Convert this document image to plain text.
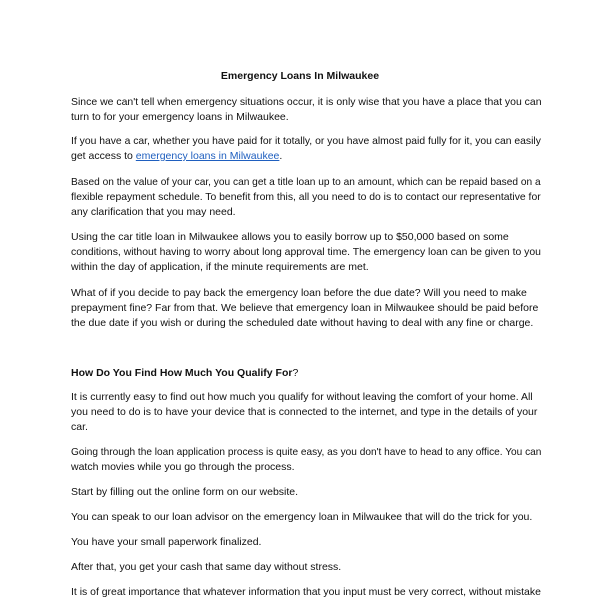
Emergency Loans In Milwaukee
Since we can't tell when emergency situations occur, it is only wise that you have a place that you can
turn to for your emergency loans in Milwaukee.
If you have a car, whether you have paid for it totally, or you have almost paid fully for it, you can easily
get access to emergency loans in Milwaukee.
Based on the value of your car, you can get a title loan up to an amount, which can be repaid based on a
flexible repayment schedule. To benefit from this, all you need to do is to contact our representative for
any clarification that you may need.
Using the car title loan in Milwaukee allows you to easily borrow up to $50,000 based on some
conditions, without having to worry about long approval time. The emergency loan can be given to you
within the day of application, if the minute requirements are met.
What of if you decide to pay back the emergency loan before the due date? Will you need to make
prepayment fine? Far from that. We believe that emergency loan in Milwaukee should be paid before
the due date if you wish or during the scheduled date without having to deal with any fine or charge.
How Do You Find How Much You Qualify For?
It is currently easy to find out how much you qualify for without leaving the comfort of your home. All
you need to do is to have your device that is connected to the internet, and type in the details of your
car.
Going through the loan application process is quite easy, as you don't have to head to any office. You can
watch movies while you go through the process.
Start by filling out the online form on our website.
You can speak to our loan advisor on the emergency loan in Milwaukee that will do the trick for you.
You have your small paperwork finalized.
After that, you get your cash that same day without stress.
It is of great importance that whatever information that you input must be very correct, without mistake
